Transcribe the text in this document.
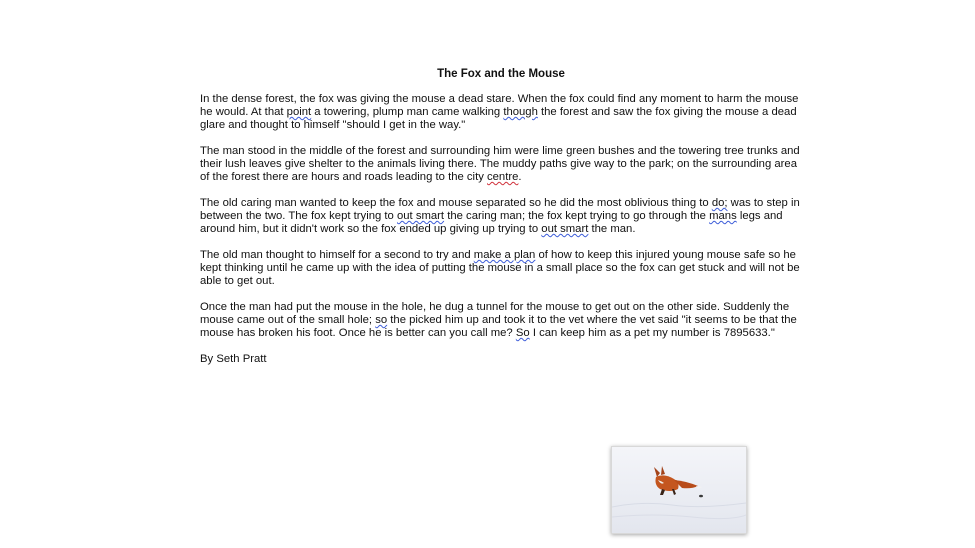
The Fox and the Mouse

In the dense forest, the fox was giving the mouse a dead stare. When the fox could find any moment to harm the mouse he would. At that point a towering, plump man came walking though the forest and saw the fox giving the mouse a dead glare and thought to himself "should I get in the way."

The man stood in the middle of the forest and surrounding him were lime green bushes and the towering tree trunks and their lush leaves give shelter to the animals living there. The muddy paths give way to the park; on the surrounding area of the forest there are hours and roads leading to the city centre.

The old caring man wanted to keep the fox and mouse separated so he did the most oblivious thing to do; was to step in between the two. The fox kept trying to out smart the caring man; the fox kept trying to go through the mans legs and around him, but it didn't work so the fox ended up giving up trying to out smart the man.

The old man thought to himself for a second to try and make a plan of how to keep this injured young mouse safe so he kept thinking until he came up with the idea of putting the mouse in a small place so the fox can get stuck and will not be able to get out.

Once the man had put the mouse in the hole, he dug a tunnel for the mouse to get out on the other side. Suddenly the mouse came out of the small hole; so the picked him up and took it to the vet where the vet said "it seems to be that the mouse has broken his foot. Once he is better can you call me? So I can keep him as a pet my number is 7895633."

By Seth Pratt
